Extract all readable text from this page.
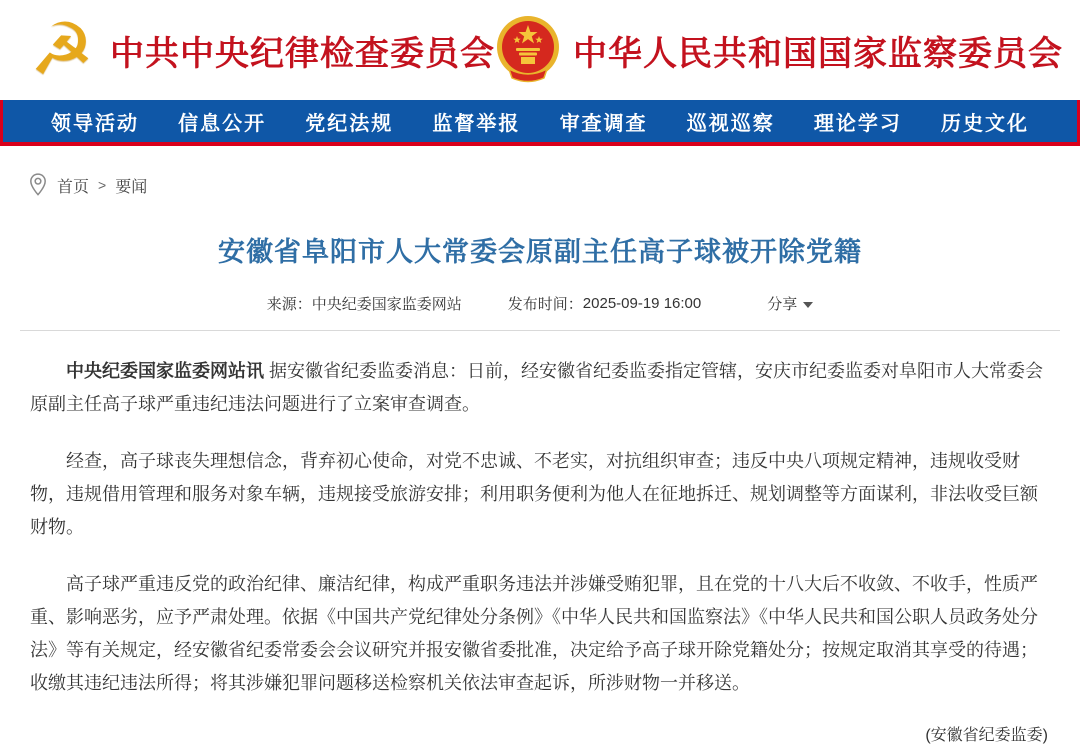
☭ 中共中央纪律检查委员会 中华人民共和国国家监察委员会
领导活动 信息公开 党纪法规 监督举报 审查调查 巡视巡察 理论学习 历史文化
首页 > 要闻
安徽省阜阳市人大常委会原副主任高子球被开除党籍
来源： 中央纪委国家监委网站	发布时间： 2025-09-19 16:00	分享

中央纪委国家监委网站讯 据安徽省纪委监委消息：日前，经安徽省纪委监委指定管辖，安庆市纪委监委对阜阳市人大常委会原副主任高子球严重违纪违法问题进行了立案审查调查。

经查，高子球丧失理想信念，背弃初心使命，对党不忠诚、不老实，对抗组织审查；违反中央八项规定精神，违规收受财物，违规借用管理和服务对象车辆，违规接受旅游安排；利用职务便利为他人在征地拆迁、规划调整等方面谋利，非法收受巨额财物。

高子球严重违反党的政治纪律、廉洁纪律，构成严重职务违法并涉嫌受贿犯罪，且在党的十八大后不收敛、不收手，性质严重、影响恶劣，应予严肃处理。依据《中国共产党纪律处分条例》《中华人民共和国监察法》《中华人民共和国公职人员政务处分法》等有关规定，经安徽省纪委常委会会议研究并报安徽省委批准，决定给予高子球开除党籍处分；按规定取消其享受的待遇；收缴其违纪违法所得；将其涉嫌犯罪问题移送检察机关依法审查起诉，所涉财物一并移送。

(安徽省纪委监委)
